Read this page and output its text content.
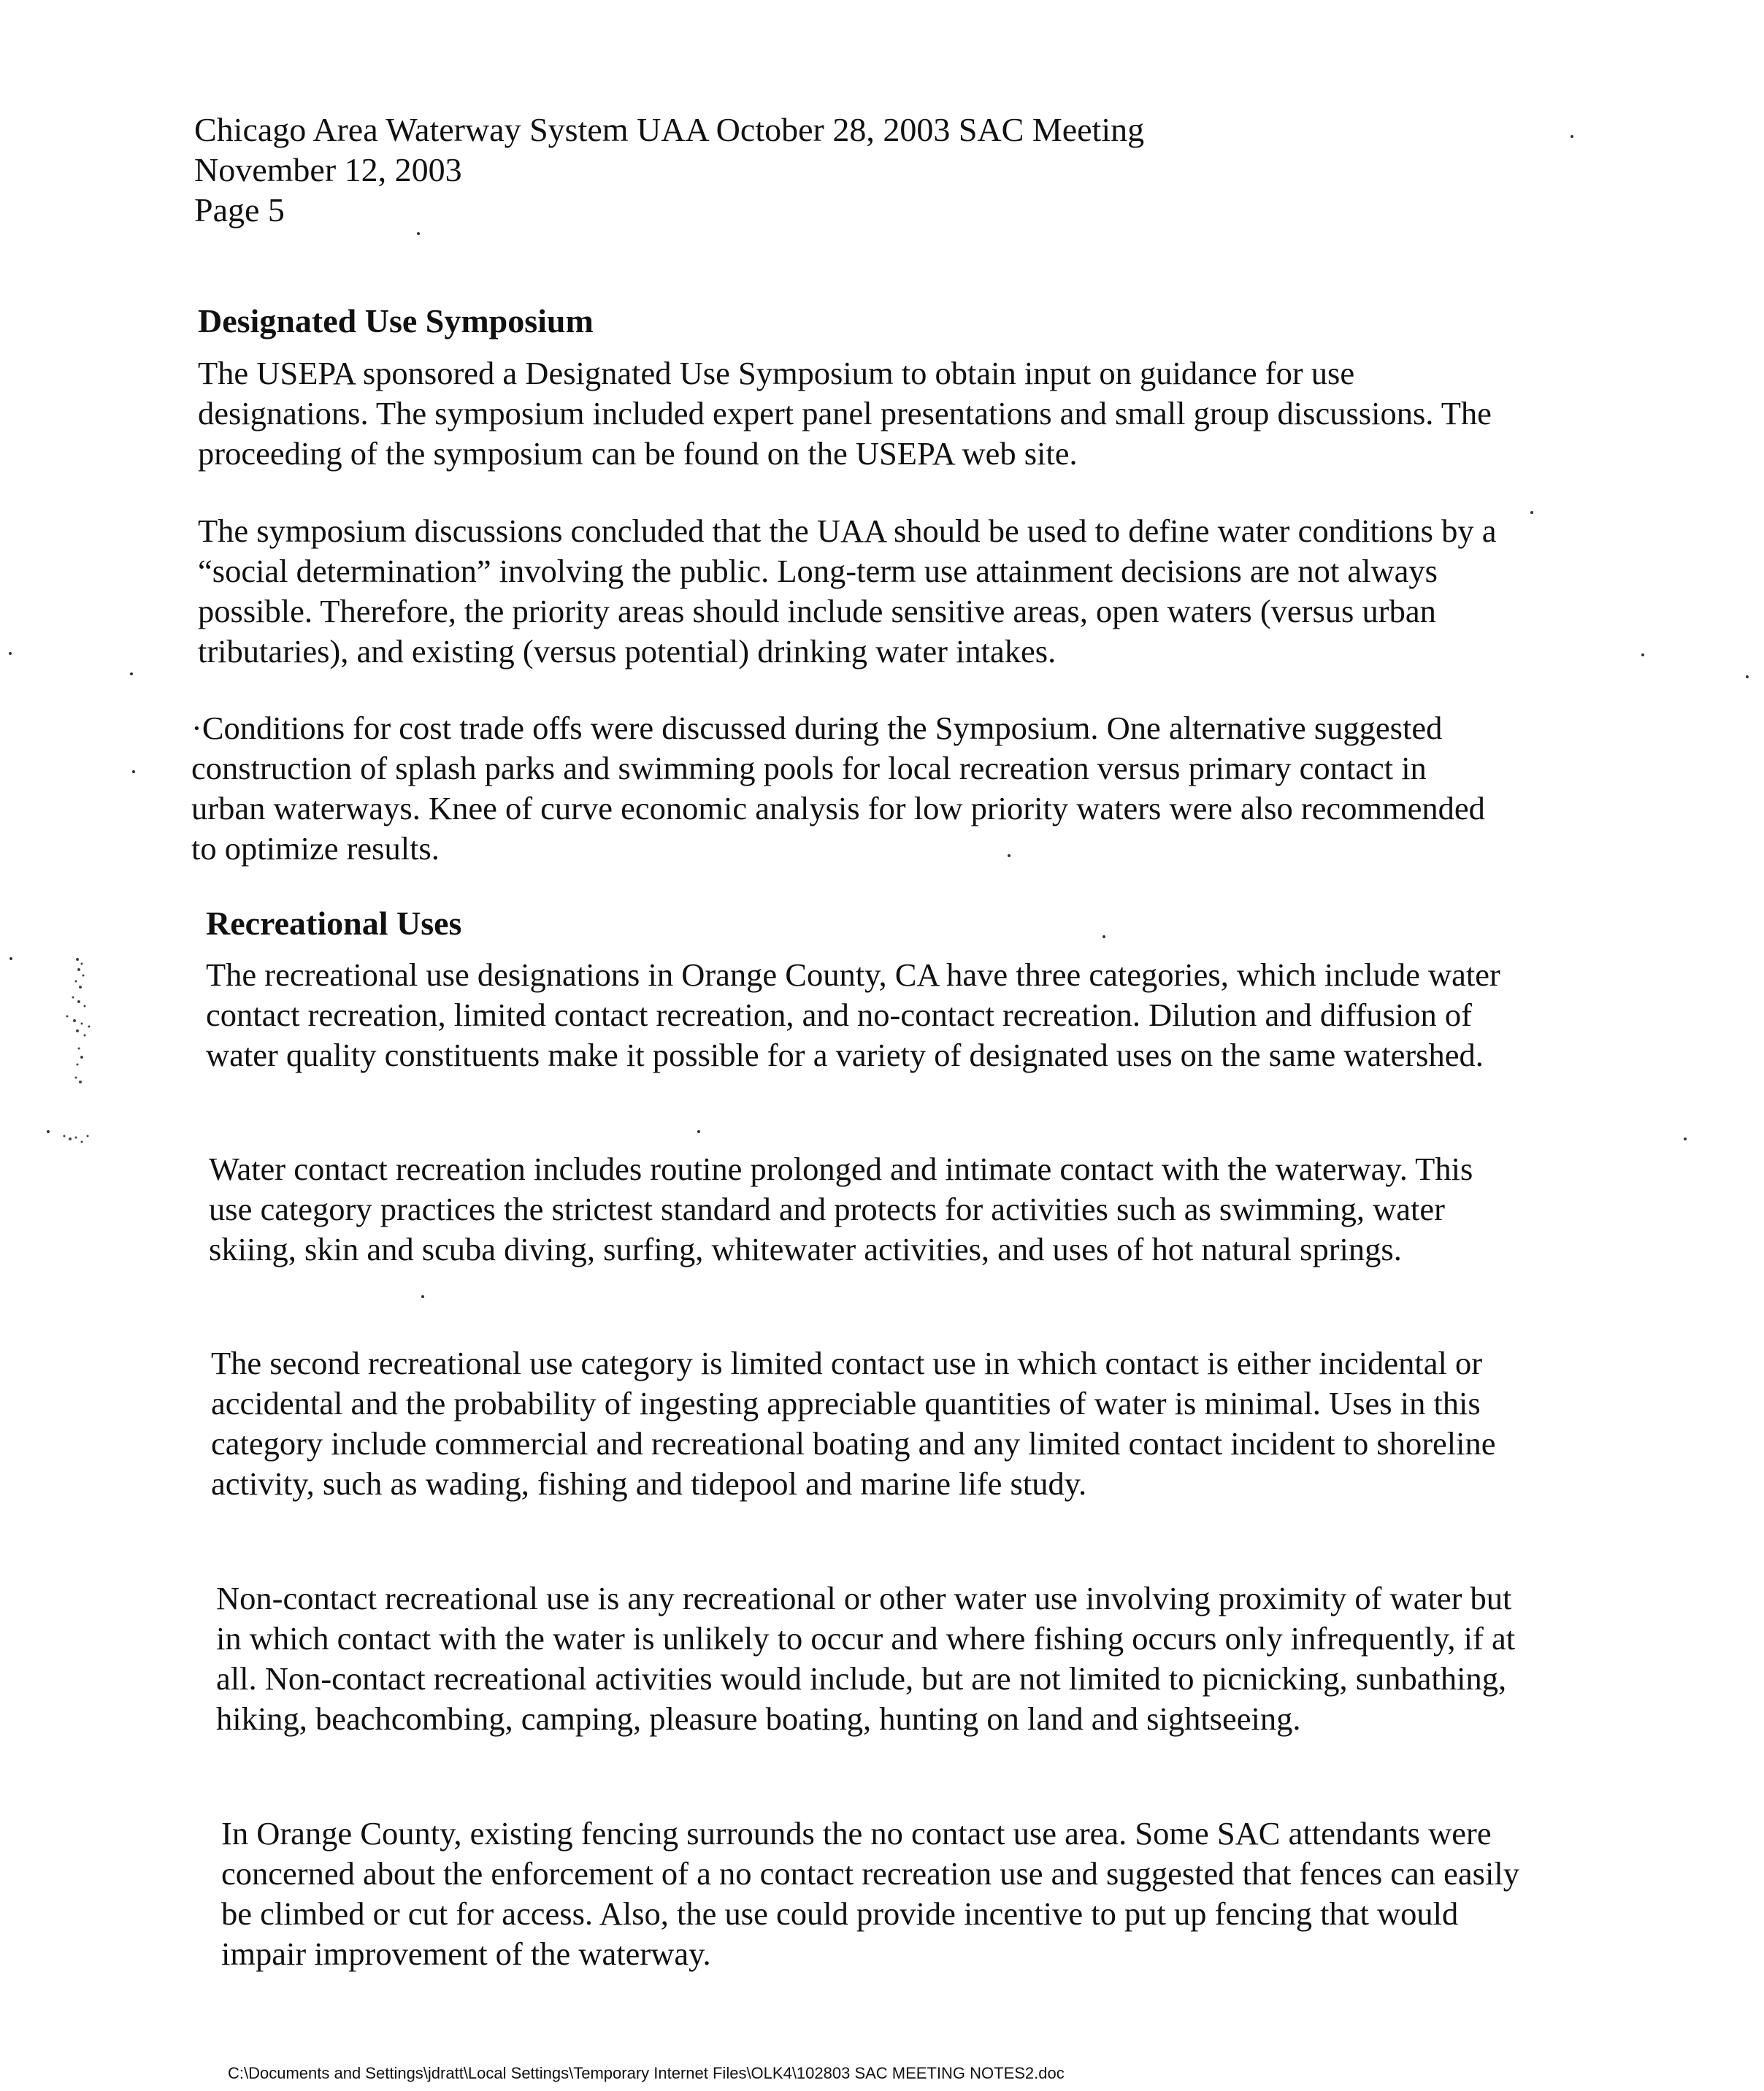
Chicago Area Waterway System UAA October 28, 2003 SAC Meeting
November 12, 2003
Page 5
Designated Use Symposium

The USEPA sponsored a Designated Use Symposium to obtain input on guidance for use designations. The symposium included expert panel presentations and small group discussions. The proceeding of the symposium can be found on the USEPA web site.

The symposium discussions concluded that the UAA should be used to define water conditions by a “social determination” involving the public. Long-term use attainment decisions are not always possible. Therefore, the priority areas should include sensitive areas, open waters (versus urban tributaries), and existing (versus potential) drinking water intakes.

·Conditions for cost trade offs were discussed during the Symposium. One alternative suggested construction of splash parks and swimming pools for local recreation versus primary contact in urban waterways. Knee of curve economic analysis for low priority waters were also recommended to optimize results.

Recreational Uses

The recreational use designations in Orange County, CA have three categories, which include water contact recreation, limited contact recreation, and no-contact recreation. Dilution and diffusion of water quality constituents make it possible for a variety of designated uses on the same watershed.

Water contact recreation includes routine prolonged and intimate contact with the waterway. This use category practices the strictest standard and protects for activities such as swimming, water skiing, skin and scuba diving, surfing, whitewater activities, and uses of hot natural springs.

The second recreational use category is limited contact use in which contact is either incidental or accidental and the probability of ingesting appreciable quantities of water is minimal. Uses in this category include commercial and recreational boating and any limited contact incident to shoreline activity, such as wading, fishing and tidepool and marine life study.

Non-contact recreational use is any recreational or other water use involving proximity of water but in which contact with the water is unlikely to occur and where fishing occurs only infrequently, if at all. Non-contact recreational activities would include, but are not limited to picnicking, sunbathing, hiking, beachcombing, camping, pleasure boating, hunting on land and sightseeing.

In Orange County, existing fencing surrounds the no contact use area. Some SAC attendants were concerned about the enforcement of a no contact recreation use and suggested that fences can easily be climbed or cut for access. Also, the use could provide incentive to put up fencing that would impair improvement of the waterway.

C:\Documents and Settings\jdratt\Local Settings\Temporary Internet Files\OLK4\102803 SAC MEETING NOTES2.doc
